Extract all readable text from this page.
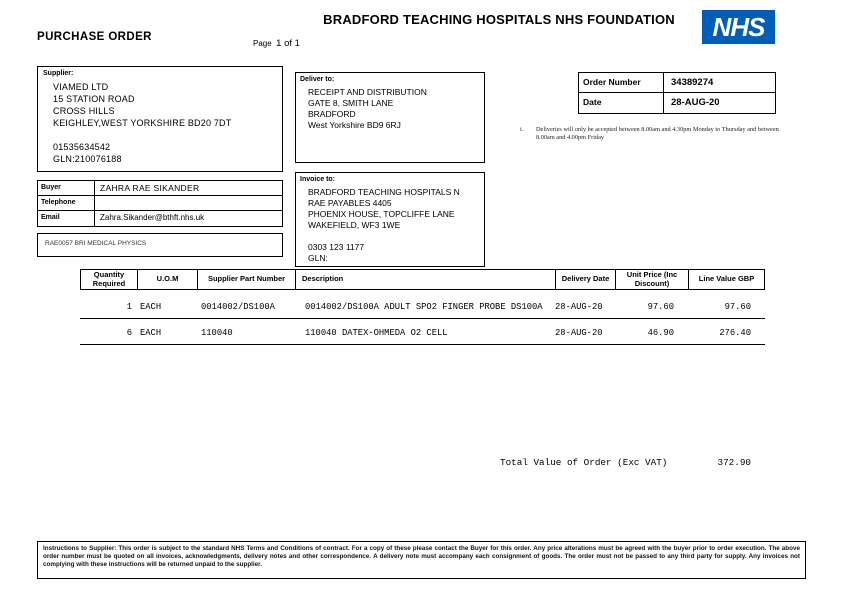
PURCHASE ORDER
Page 1 of 1
BRADFORD TEACHING HOSPITALS NHS FOUNDATION	NHS
Supplier:
VIAMED LTD
15 STATION ROAD
CROSS HILLS
KEIGHLEY,WEST YORKSHIRE BD20 7DT
01535634542
GLN:210076188
Deliver to:
RECEIPT AND DISTRIBUTION
GATE 8, SMITH LANE
BRADFORD
West Yorkshire BD9 6RJ
Order Number	34389274
Date	28-AUG-20
i.	Deliveries will only be accepted between 8.00am and 4.30pm Monday to Thursday and between 8.00am and 4.00pm Friday
Buyer	ZAHRA RAE SIKANDER
Telephone
Email	Zahra.Sikander@bthft.nhs.uk
RAE0057 BRI MEDICAL PHYSICS
Invoice to:
BRADFORD TEACHING HOSPITALS N
RAE PAYABLES 4405
PHOENIX HOUSE, TOPCLIFFE LANE
WAKEFIELD, WF3 1WE
0303 123 1177
GLN:
Quantity Required	U.O.M	Supplier Part Number	Description	Delivery Date	Unit Price (Inc Discount)	Line Value GBP
1 EACH	0014002/DS100A	0014002/DS100A ADULT SPO2 FINGER PROBE DS100A	28-AUG-20	97.60	97.60
6 EACH	110040	110040 DATEX-OHMEDA O2 CELL	28-AUG-20	46.90	276.40
Total Value of Order (Exc VAT)	372.90
Instructions to Supplier: This order is subject to the standard NHS Terms and Conditions of contract. For a copy of these please contact the Buyer for this order. Any price alterations must be agreed with the buyer prior to order execution. The above order number must be quoted on all invoices, acknowledgments, delivery notes and other correspondence. A delivery note must accompany each consignment of goods. The order must not be passed to any third party for supply. Any invoices not complying with these instructions will be returned unpaid to the supplier.
